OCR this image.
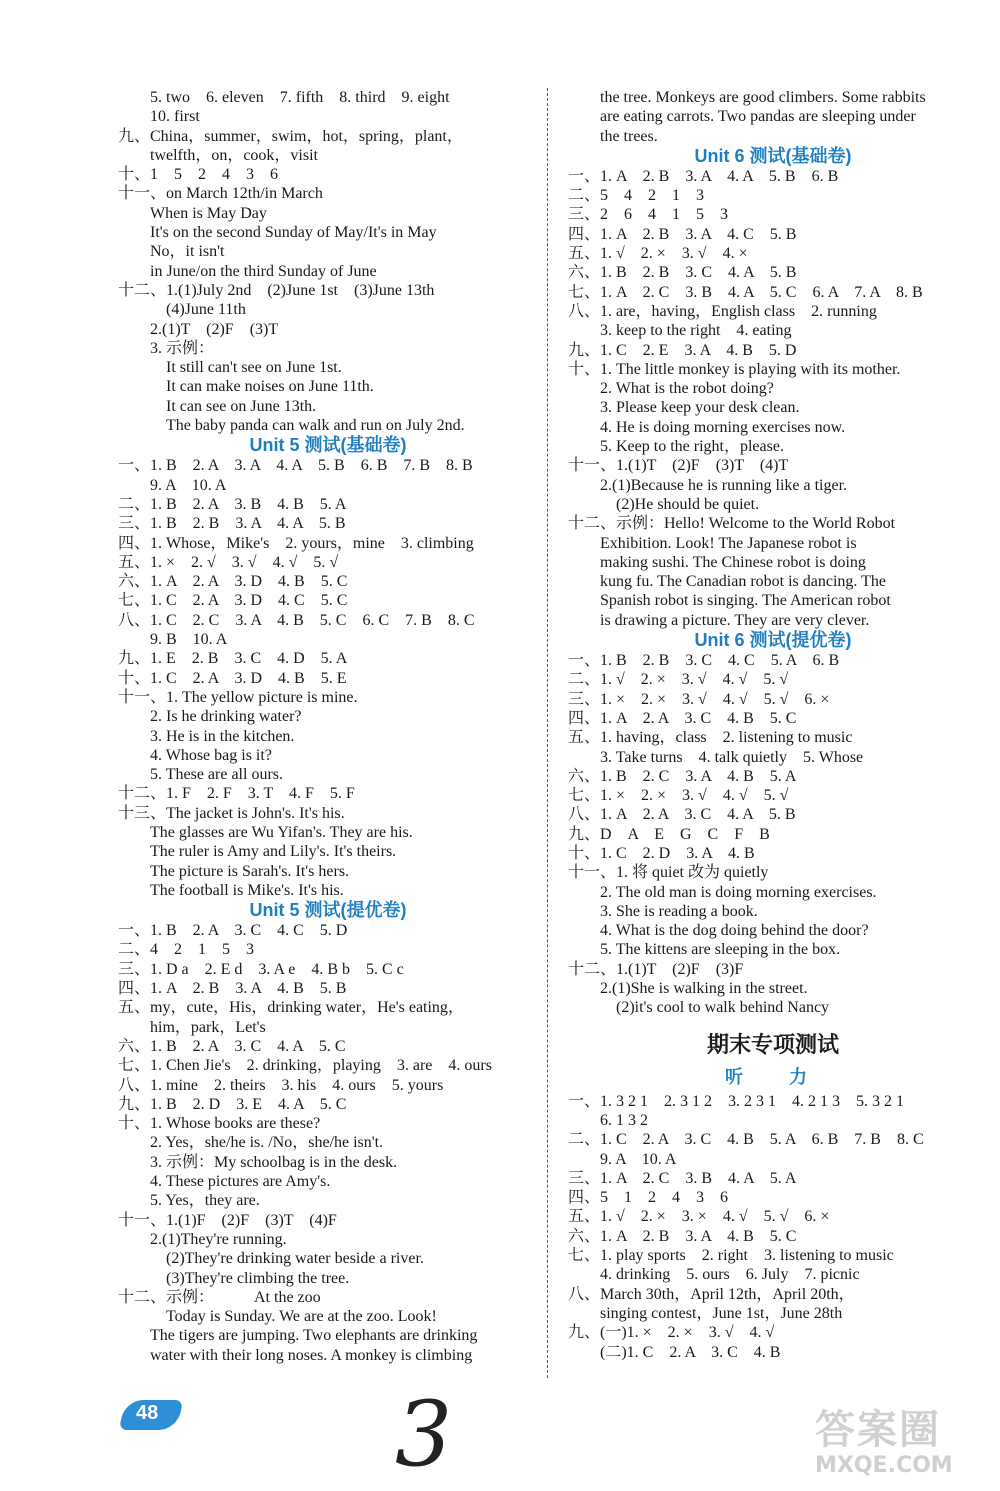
　　5. two　6. eleven　7. fifth　8. third　9. eight
　　10. first
九、China，summer，swim，hot，spring，plant，
　　twelfth，on，cook，visit
十、1　5　2　4　3　6
十一、on March 12th/in March
　　When is May Day
　　It's on the second Sunday of May/It's in May
　　No，it isn't
　　in June/on the third Sunday of June
十二、1.(1)July 2nd　(2)June 1st　(3)June 13th
　　　(4)June 11th
　　2.(1)T　(2)F　(3)T
　　3. 示例：
　　　It still can't see on June 1st.
　　　It can make noises on June 11th.
　　　It can see on June 13th.
　　　The baby panda can walk and run on July 2nd.
Unit 5 测试(基础卷)
一、1. B　2. A　3. A　4. A　5. B　6. B　7. B　8. B
　　9. A　10. A
二、1. B　2. A　3. B　4. B　5. A
三、1. B　2. B　3. A　4. A　5. B
四、1. Whose，Mike's　2. yours，mine　3. climbing
五、1. ×　2. √　3. √　4. √　5. √
六、1. A　2. A　3. D　4. B　5. C
七、1. C　2. A　3. D　4. C　5. C
八、1. C　2. C　3. A　4. B　5. C　6. C　7. B　8. C
　　9. B　10. A
九、1. E　2. B　3. C　4. D　5. A
十、1. C　2. A　3. D　4. B　5. E
十一、1. The yellow picture is mine.
　　2. Is he drinking water?
　　3. He is in the kitchen.
　　4. Whose bag is it?
　　5. These are all ours.
十二、1. F　2. F　3. T　4. F　5. F
十三、The jacket is John's. It's his.
　　The glasses are Wu Yifan's. They are his.
　　The ruler is Amy and Lily's. It's theirs.
　　The picture is Sarah's. It's hers.
　　The football is Mike's. It's his.
Unit 5 测试(提优卷)
一、1. B　2. A　3. C　4. C　5. D
二、4　2　1　5　3
三、1. D a　2. E d　3. A e　4. B b　5. C c
四、1. A　2. B　3. A　4. B　5. B
五、my，cute，His，drinking water，He's eating，
　　him，park，Let's
六、1. B　2. A　3. C　4. A　5. C
七、1. Chen Jie's　2. drinking，playing　3. are　4. ours
八、1. mine　2. theirs　3. his　4. ours　5. yours
九、1. B　2. D　3. E　4. A　5. C
十、1. Whose books are these?
　　2. Yes，she/he is. /No，she/he isn't.
　　3. 示例：My schoolbag is in the desk.
　　4. These pictures are Amy's.
　　5. Yes，they are.
十一、1.(1)F　(2)F　(3)T　(4)F
　　2.(1)They're running.
　　　(2)They're drinking water beside a river.
　　　(3)They're climbing the tree.
十二、示例：　　　At the zoo
　　　Today is Sunday. We are at the zoo. Look!
　　The tigers are jumping. Two elephants are drinking
　　water with their long noses. A monkey is climbing
　　the tree. Monkeys are good climbers. Some rabbits
　　are eating carrots. Two pandas are sleeping under
　　the trees.
Unit 6 测试(基础卷)
一、1. A　2. B　3. A　4. A　5. B　6. B
二、5　4　2　1　3
三、2　6　4　1　5　3
四、1. A　2. B　3. A　4. C　5. B
五、1. √　2. ×　3. √　4. ×
六、1. B　2. B　3. C　4. A　5. B
七、1. A　2. C　3. B　4. A　5. C　6. A　7. A　8. B
八、1. are，having，English class　2. running
　　3. keep to the right　4. eating
九、1. C　2. E　3. A　4. B　5. D
十、1. The little monkey is playing with its mother.
　　2. What is the robot doing?
　　3. Please keep your desk clean.
　　4. He is doing morning exercises now.
　　5. Keep to the right，please.
十一、1.(1)T　(2)F　(3)T　(4)T
　　2.(1)Because he is running like a tiger.
　　　(2)He should be quiet.
十二、示例：Hello! Welcome to the World Robot
　　Exhibition. Look! The Japanese robot is
　　making sushi. The Chinese robot is doing
　　kung fu. The Canadian robot is dancing. The
　　Spanish robot is singing. The American robot
　　is drawing a picture. They are very clever.
Unit 6 测试(提优卷)
一、1. B　2. B　3. C　4. C　5. A　6. B
二、1. √　2. ×　3. √　4. √　5. √
三、1. ×　2. ×　3. √　4. √　5. √　6. ×
四、1. A　2. A　3. C　4. B　5. C
五、1. having，class　2. listening to music
　　3. Take turns　4. talk quietly　5. Whose
六、1. B　2. C　3. A　4. B　5. A
七、1. ×　2. ×　3. √　4. √　5. √
八、1. A　2. A　3. C　4. A　5. B
九、D　A　E　G　C　F　B
十、1. C　2. D　3. A　4. B
十一、1. 将 quiet 改为 quietly
　　2. The old man is doing morning exercises.
　　3. She is reading a book.
　　4. What is the dog doing behind the door?
　　5. The kittens are sleeping in the box.
十二、1.(1)T　(2)F　(3)F
　　2.(1)She is walking in the street.
　　　(2)it's cool to walk behind Nancy
期末专项测试
听　力
一、1. 3 2 1　2. 3 1 2　3. 2 3 1　4. 2 1 3　5. 3 2 1
　　6. 1 3 2
二、1. C　2. A　3. C　4. B　5. A　6. B　7. B　8. C
　　9. A　10. A
三、1. A　2. C　3. B　4. A　5. A
四、5　1　2　4　3　6
五、1. √　2. ×　3. ×　4. √　5. √　6. ×
六、1. A　2. B　3. A　4. B　5. C
七、1. play sports　2. right　3. listening to music
　　4. drinking　5. ours　6. July　7. picnic
八、March 30th，April 12th，April 20th，
　　singing contest，June 1st，June 28th
九、(一)1. ×　2. ×　3. √　4. √
　　(二)1. C　2. A　3. C　4. B
48	3	答案圈
MXQE.COM
